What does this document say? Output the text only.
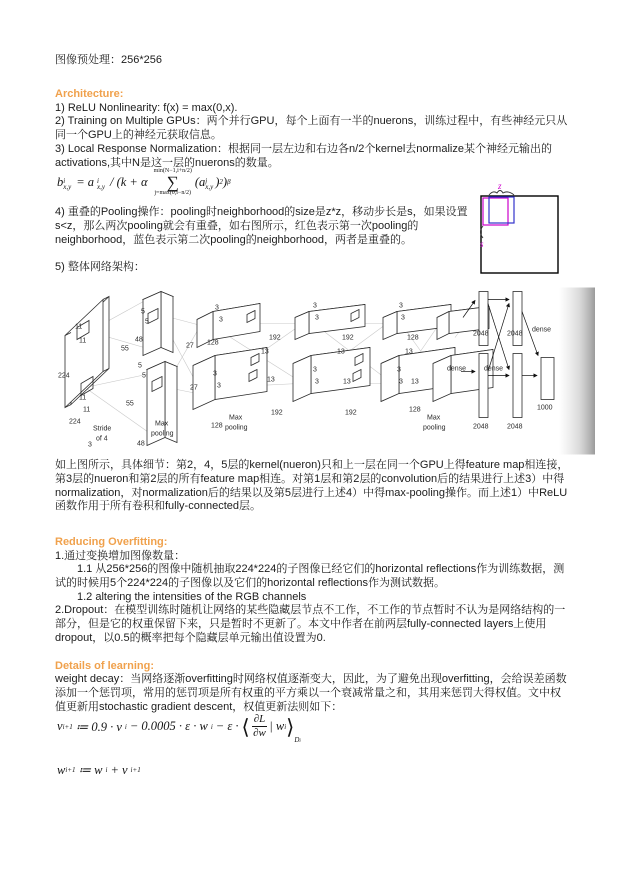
图像预处理：256*256
Architecture:
1) ReLU Nonlinearity: f(x) = max(0,x).
2) Training on Multiple GPUs：两个并行GPU，每个上面有一半的nuerons，训练过程中，有些神经元只从同一个GPU上的神经元获取信息。
3) Local Response Normalization：根据同一层左边和右边各n/2个kernel去normalize某个神经元输出的activations,其中N是这一层的nuerons的数量。
b i
x,y = a i
x,y / (k + α
min(N−1,i+n/2)
∑
j=max(0,i−n/2)
(a j
x,y ) 2 ) β
4) 重叠的Pooling操作：pooling时neighborhood的size是z*z，移动步长是s，如果设置s<z，那么两次pooling就会有重叠，如右图所示，红色表示第一次pooling的neighborhood，蓝色表示第二次pooling的neighborhood，两者是重叠的。
z
s
5) 整体网络架构：
224
11
11
11
11
224
3
Stride
of 4
55
55
48
48
5
5
5
5
Max
pooling
27
27
128
128
3
3
3
3
Max
pooling
13
13
192
192
3
3
3
3
13
13
192
192
3
3
3
3
13
13
128
128
Max
pooling
2048	2048
dense
dense	dense
2048	2048
1000
如上图所示，具体细节：第2，4，5层的kernel(nueron)只和上一层在同一个GPU上得feature map相连接，第3层的nueron和第2层的所有feature map相连。对第1层和第2层的convolution后的结果进行上述3）中得normalization，对normalization后的结果以及第5层进行上述4）中得max-pooling操作。而上述1）中ReLU函数作用于所有卷积和fully-connected层。
Reducing Overfitting:
1.通过变换增加图像数量：
1.1 从256*256的图像中随机抽取224*224的子图像已经它们的horizontal reflections作为训练数据，测试的时候用5个224*224的子图像以及它们的horizontal reflections作为测试数据。
1.2 altering the intensities of the RGB channels
2.Dropout：在模型训练时随机让网络的某些隐藏层节点不工作，不工作的节点暂时不认为是网络结构的一部分，但是它的权重保留下来，只是暂时不更新了。本文中作者在前两层fully-connected layers上使用dropout，以0.5的概率把每个隐藏层单元输出值设置为0.
Details of learning:
weight decay：当网络逐渐overfitting时网络权值逐渐变大，因此，为了避免出现overfitting，会给误差函数添加一个惩罚项，常用的惩罚项是所有权重的平方乘以一个衰减常量之和，其用来惩罚大得权值。文中权值更新用stochastic gradient descent，权值更新法则如下：
v i+1 ≔ 0.9 · v i − 0.0005 · ε · w i − ε · ⟨ $\frac{\partial L}{\partial w}$ | w i ⟩
Di
w i+1 ≔ w i + v i+1
